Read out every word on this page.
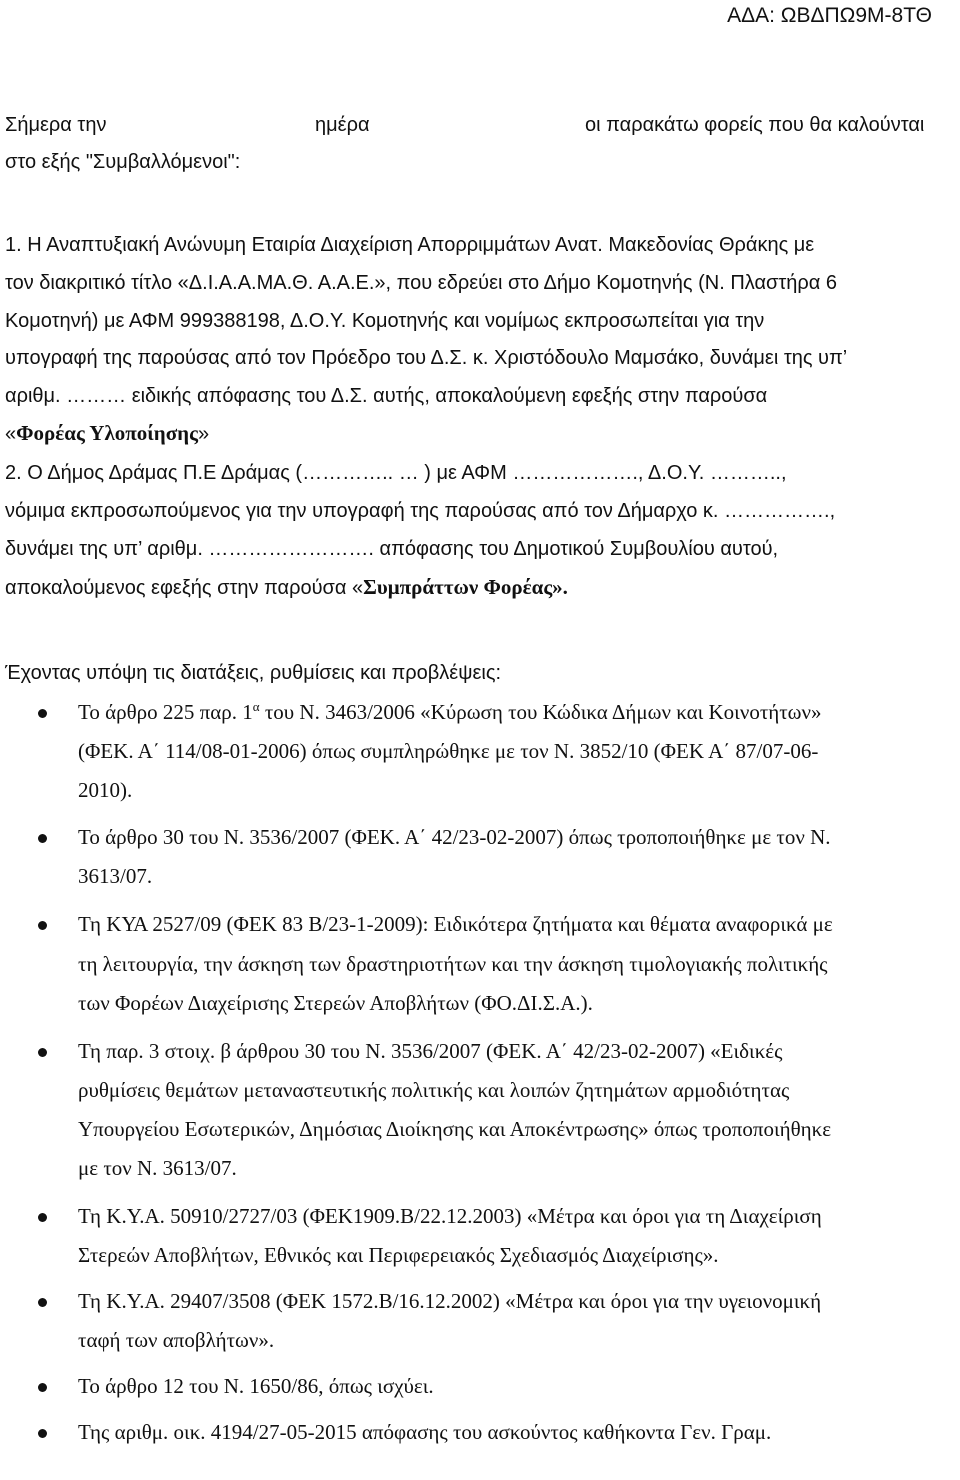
ΑΔΑ: ΩΒΔΠΩ9Μ-8ΤΘ
Σήμερα την	ημέρα	οι παρακάτω φορείς που θα καλούνται
στο εξής "Συμβαλλόμενοι":
1. Η Αναπτυξιακή Ανώνυμη Εταιρία Διαχείριση Απορριμμάτων Ανατ. Μακεδονίας Θράκης με
τον διακριτικό τίτλο «Δ.Ι.Α.Α.ΜΑ.Θ. Α.Α.Ε.», που εδρεύει στο Δήμο Κομοτηνής (Ν. Πλαστήρα 6
Κομοτηνή) με ΑΦΜ 999388198, Δ.Ο.Υ. Κομοτηνής και νομίμως εκπροσωπείται για την
υπογραφή της παρούσας από τον Πρόεδρο του Δ.Σ. κ. Χριστόδουλο Μαμσάκο, δυνάμει της υπ’
αριθμ. ……… ειδικής απόφασης του Δ.Σ. αυτής, αποκαλούμενη εφεξής στην παρούσα
«Φορέας Υλοποίησης»
2. Ο Δήμος Δράμας Π.Ε Δράμας (………….. … ) με ΑΦΜ ………………., Δ.Ο.Υ. ………..,
νόμιμα εκπροσωπούμενος για την υπογραφή της παρούσας από τον Δήμαρχο κ. …………….,
δυνάμει της υπ’ αριθμ. ……………………. απόφασης του Δημοτικού Συμβουλίου αυτού,
αποκαλούμενος εφεξής στην παρούσα «Συμπράττων Φορέας».
Έχοντας υπόψη τις διατάξεις, ρυθμίσεις και προβλέψεις:
Το άρθρο 225 παρ. $1^\alpha$ του Ν. 3463/2006 «Κύρωση του Κώδικα Δήμων και Κοινοτήτων»
(ΦΕΚ. Α΄ 114/08-01-2006) όπως συμπληρώθηκε με τον Ν. 3852/10 (ΦΕΚ Α΄ 87/07-06-
2010).
Το άρθρο 30 του Ν. 3536/2007 (ΦΕΚ. Α΄ 42/23-02-2007) όπως τροποποιήθηκε με τον Ν.
3613/07.
Τη ΚΥΑ 2527/09 (ΦΕΚ 83 Β/23-1-2009): Ειδικότερα ζητήματα και θέματα αναφορικά με
τη λειτουργία, την άσκηση των δραστηριοτήτων και την άσκηση τιμολογιακής πολιτικής
των Φορέων Διαχείρισης Στερεών Αποβλήτων (ΦΟ.ΔΙ.Σ.Α.).
Τη παρ. 3 στοιχ. β άρθρου 30 του Ν. 3536/2007 (ΦΕΚ. Α΄ 42/23-02-2007) «Ειδικές
ρυθμίσεις θεμάτων μεταναστευτικής πολιτικής και λοιπών ζητημάτων αρμοδιότητας
Υπουργείου Εσωτερικών, Δημόσιας Διοίκησης και Αποκέντρωσης» όπως τροποποιήθηκε
με τον Ν. 3613/07.
Τη Κ.Υ.Α. 50910/2727/03 (ΦΕΚ1909.Β/22.12.2003) «Μέτρα και όροι για τη Διαχείριση
Στερεών Αποβλήτων, Εθνικός και Περιφερειακός Σχεδιασμός Διαχείρισης».
Τη Κ.Υ.Α. 29407/3508 (ΦΕΚ 1572.Β/16.12.2002) «Μέτρα και όροι για την υγειονομική
ταφή των αποβλήτων».
Το άρθρο 12 του Ν. 1650/86, όπως ισχύει.
Της αριθμ. οικ. 4194/27-05-2015 απόφασης του ασκούντος καθήκοντα Γεν. Γραμ.
